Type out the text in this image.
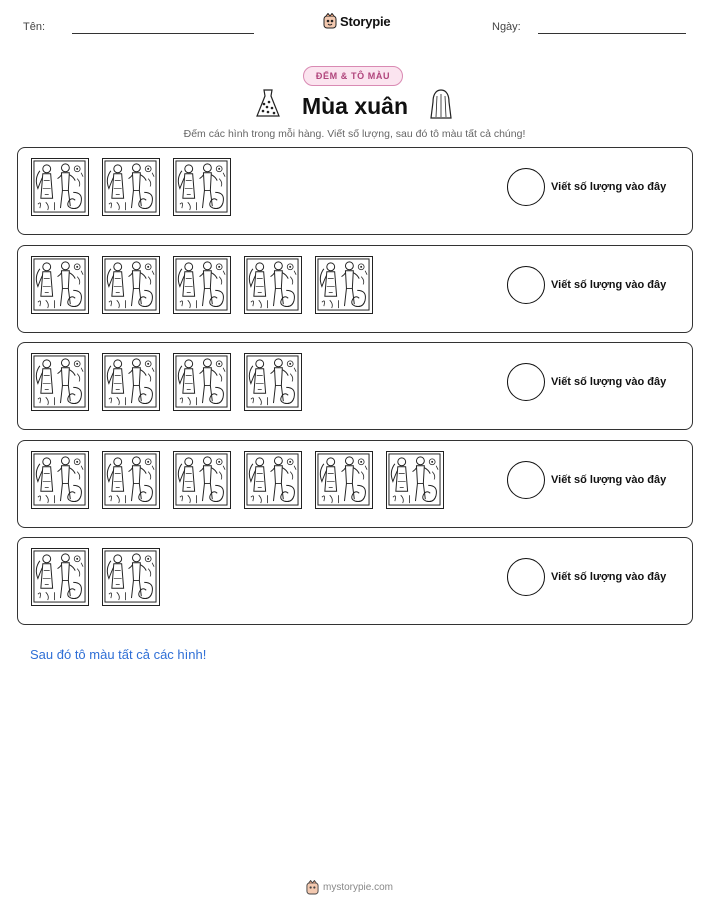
Tên:	Storypie	Ngày:
ĐẾM & TÔ MÀU
Mùa xuân
Đếm các hình trong mỗi hàng. Viết số lượng, sau đó tô màu tất cả chúng!
Viết số lượng vào đây
Viết số lượng vào đây
Viết số lượng vào đây
Viết số lượng vào đây
Viết số lượng vào đây
Sau đó tô màu tất cả các hình!
mystorypie.com
